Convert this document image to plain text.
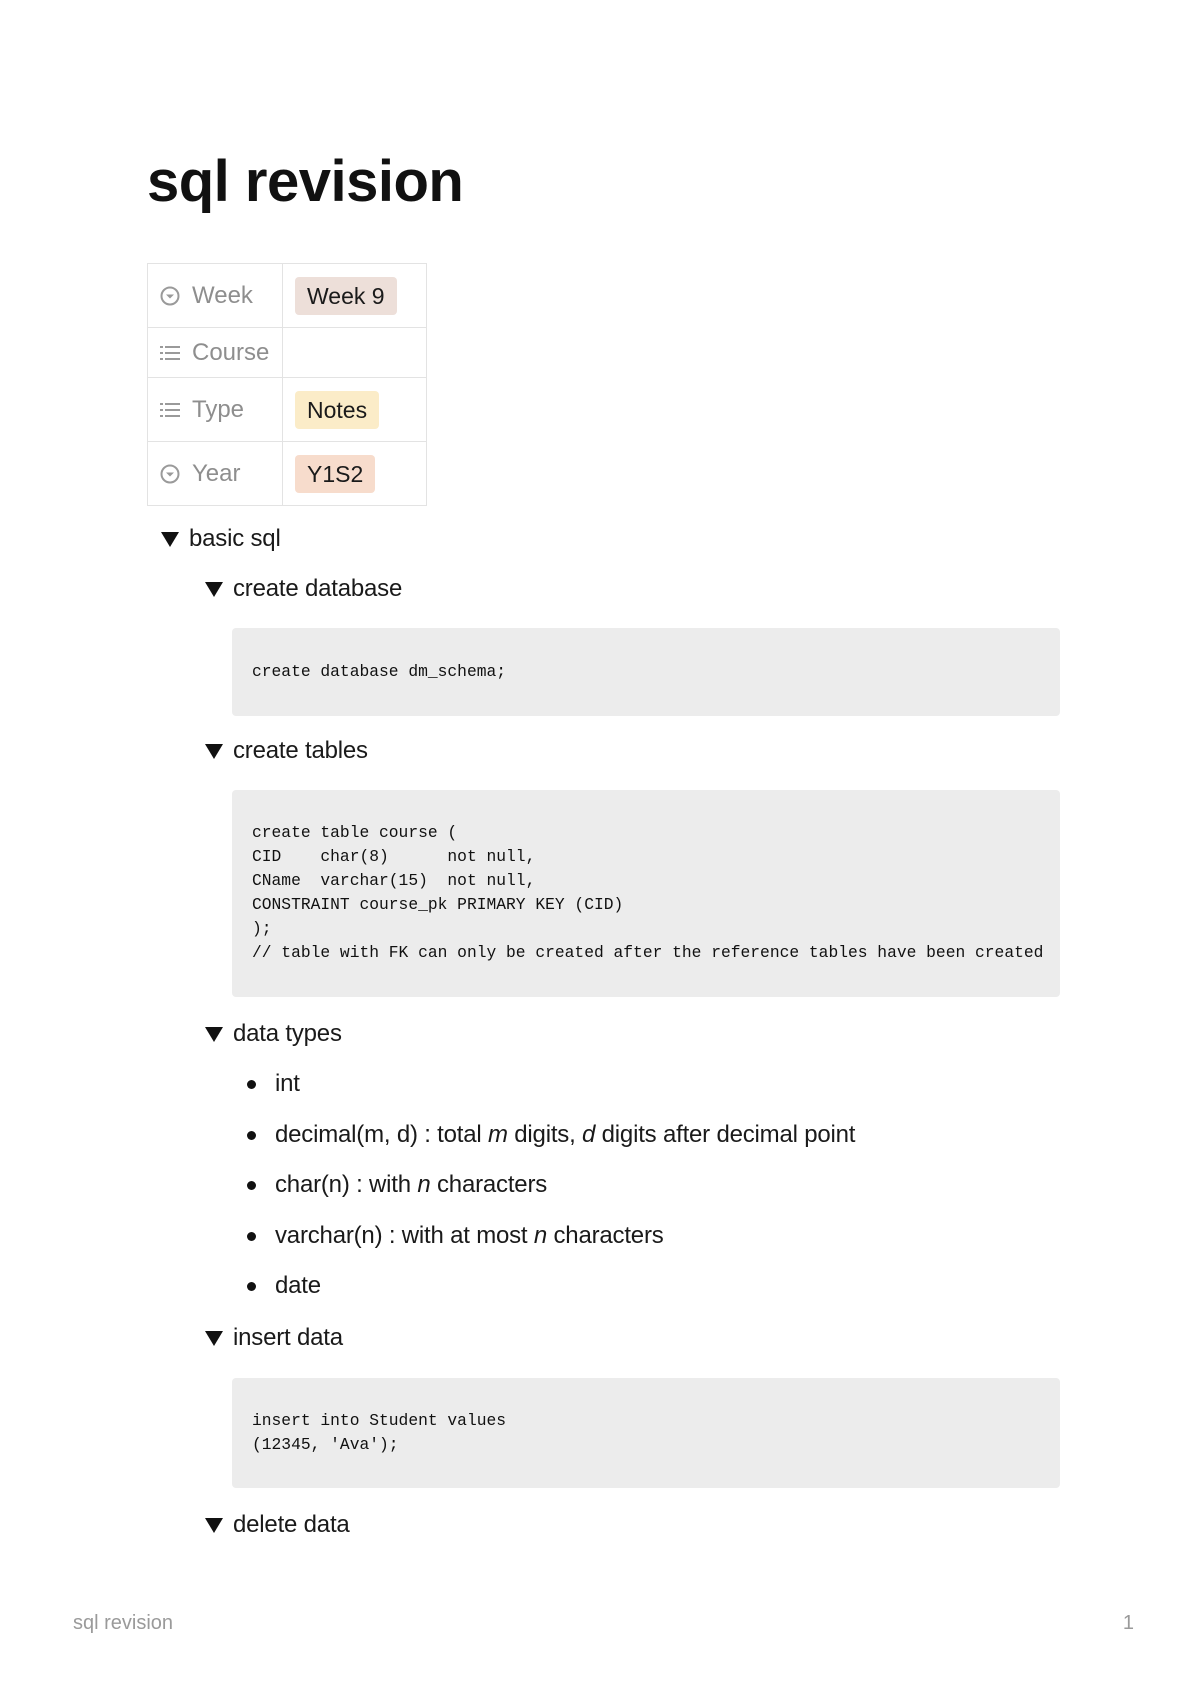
sql revision
Week	Week 9

Course	

Type	Notes

Year	Y1S2
basic sql
create database
create database dm_schema;
create tables
create table course (
CID    char(8)      not null,
CName  varchar(15)  not null,
CONSTRAINT course_pk PRIMARY KEY (CID)
);
// table with FK can only be created after the reference tables have been created
data types
int
decimal(m, d) : total m digits, d digits after decimal point
char(n) : with n characters
varchar(n) : with at most n characters
date
insert data
insert into Student values
(12345, 'Ava');
delete data
sql revision	1
